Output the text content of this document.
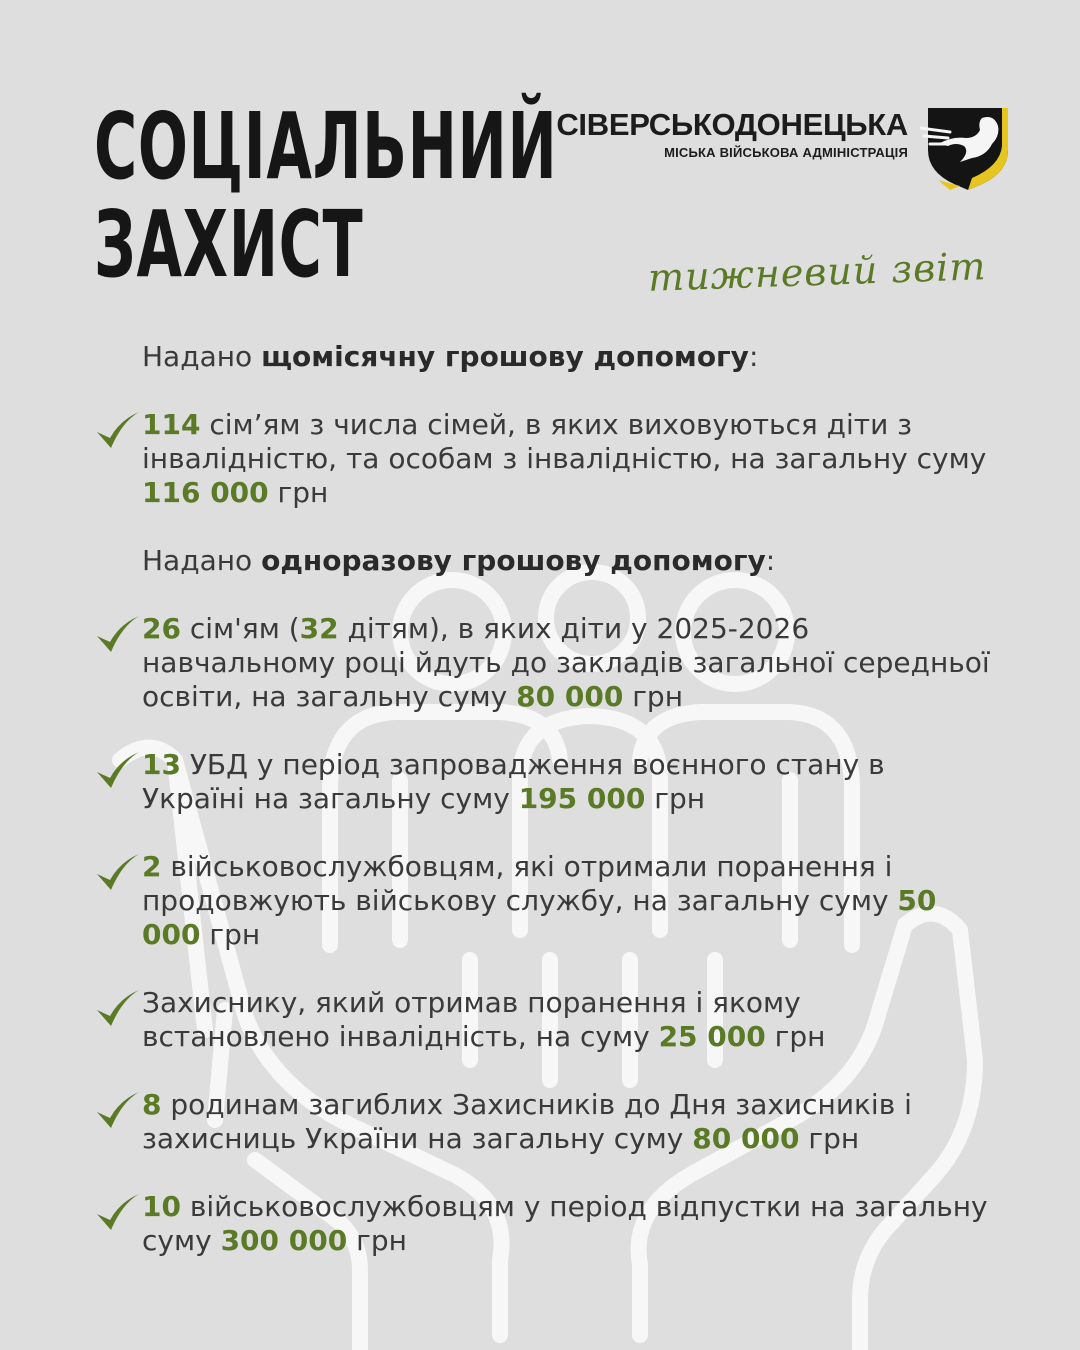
СОЦІАЛЬНИЙ
ЗАХИСТ
СІВЕРСЬКОДОНЕЦЬКА
МІСЬКА ВІЙСЬКОВА АДМІНІСТРАЦІЯ
тижневий звіт

Надано щомісячну грошову допомогу:

114 сім’ям з числа сімей, в яких виховуються діти з інвалідністю, та особам з інвалідністю, на загальну суму 116 000 грн

Надано одноразову грошову допомогу:

26 сім'ям (32 дітям), в яких діти у 2025-2026 навчальному році йдуть до закладів загальної середньої освіти, на загальну суму 80 000 грн
13 УБД у період запровадження воєнного стану в Україні на загальну суму 195 000 грн
2 військовослужбовцям, які отримали поранення і продовжують військову службу, на загальну суму 50 000 грн
Захиснику, який отримав поранення і якому встановлено інвалідність, на суму 25 000 грн
8 родинам загиблих Захисників до Дня захисників і захисниць України на загальну суму 80 000 грн
10 військовослужбовцям у період відпустки на загальну суму 300 000 грн
